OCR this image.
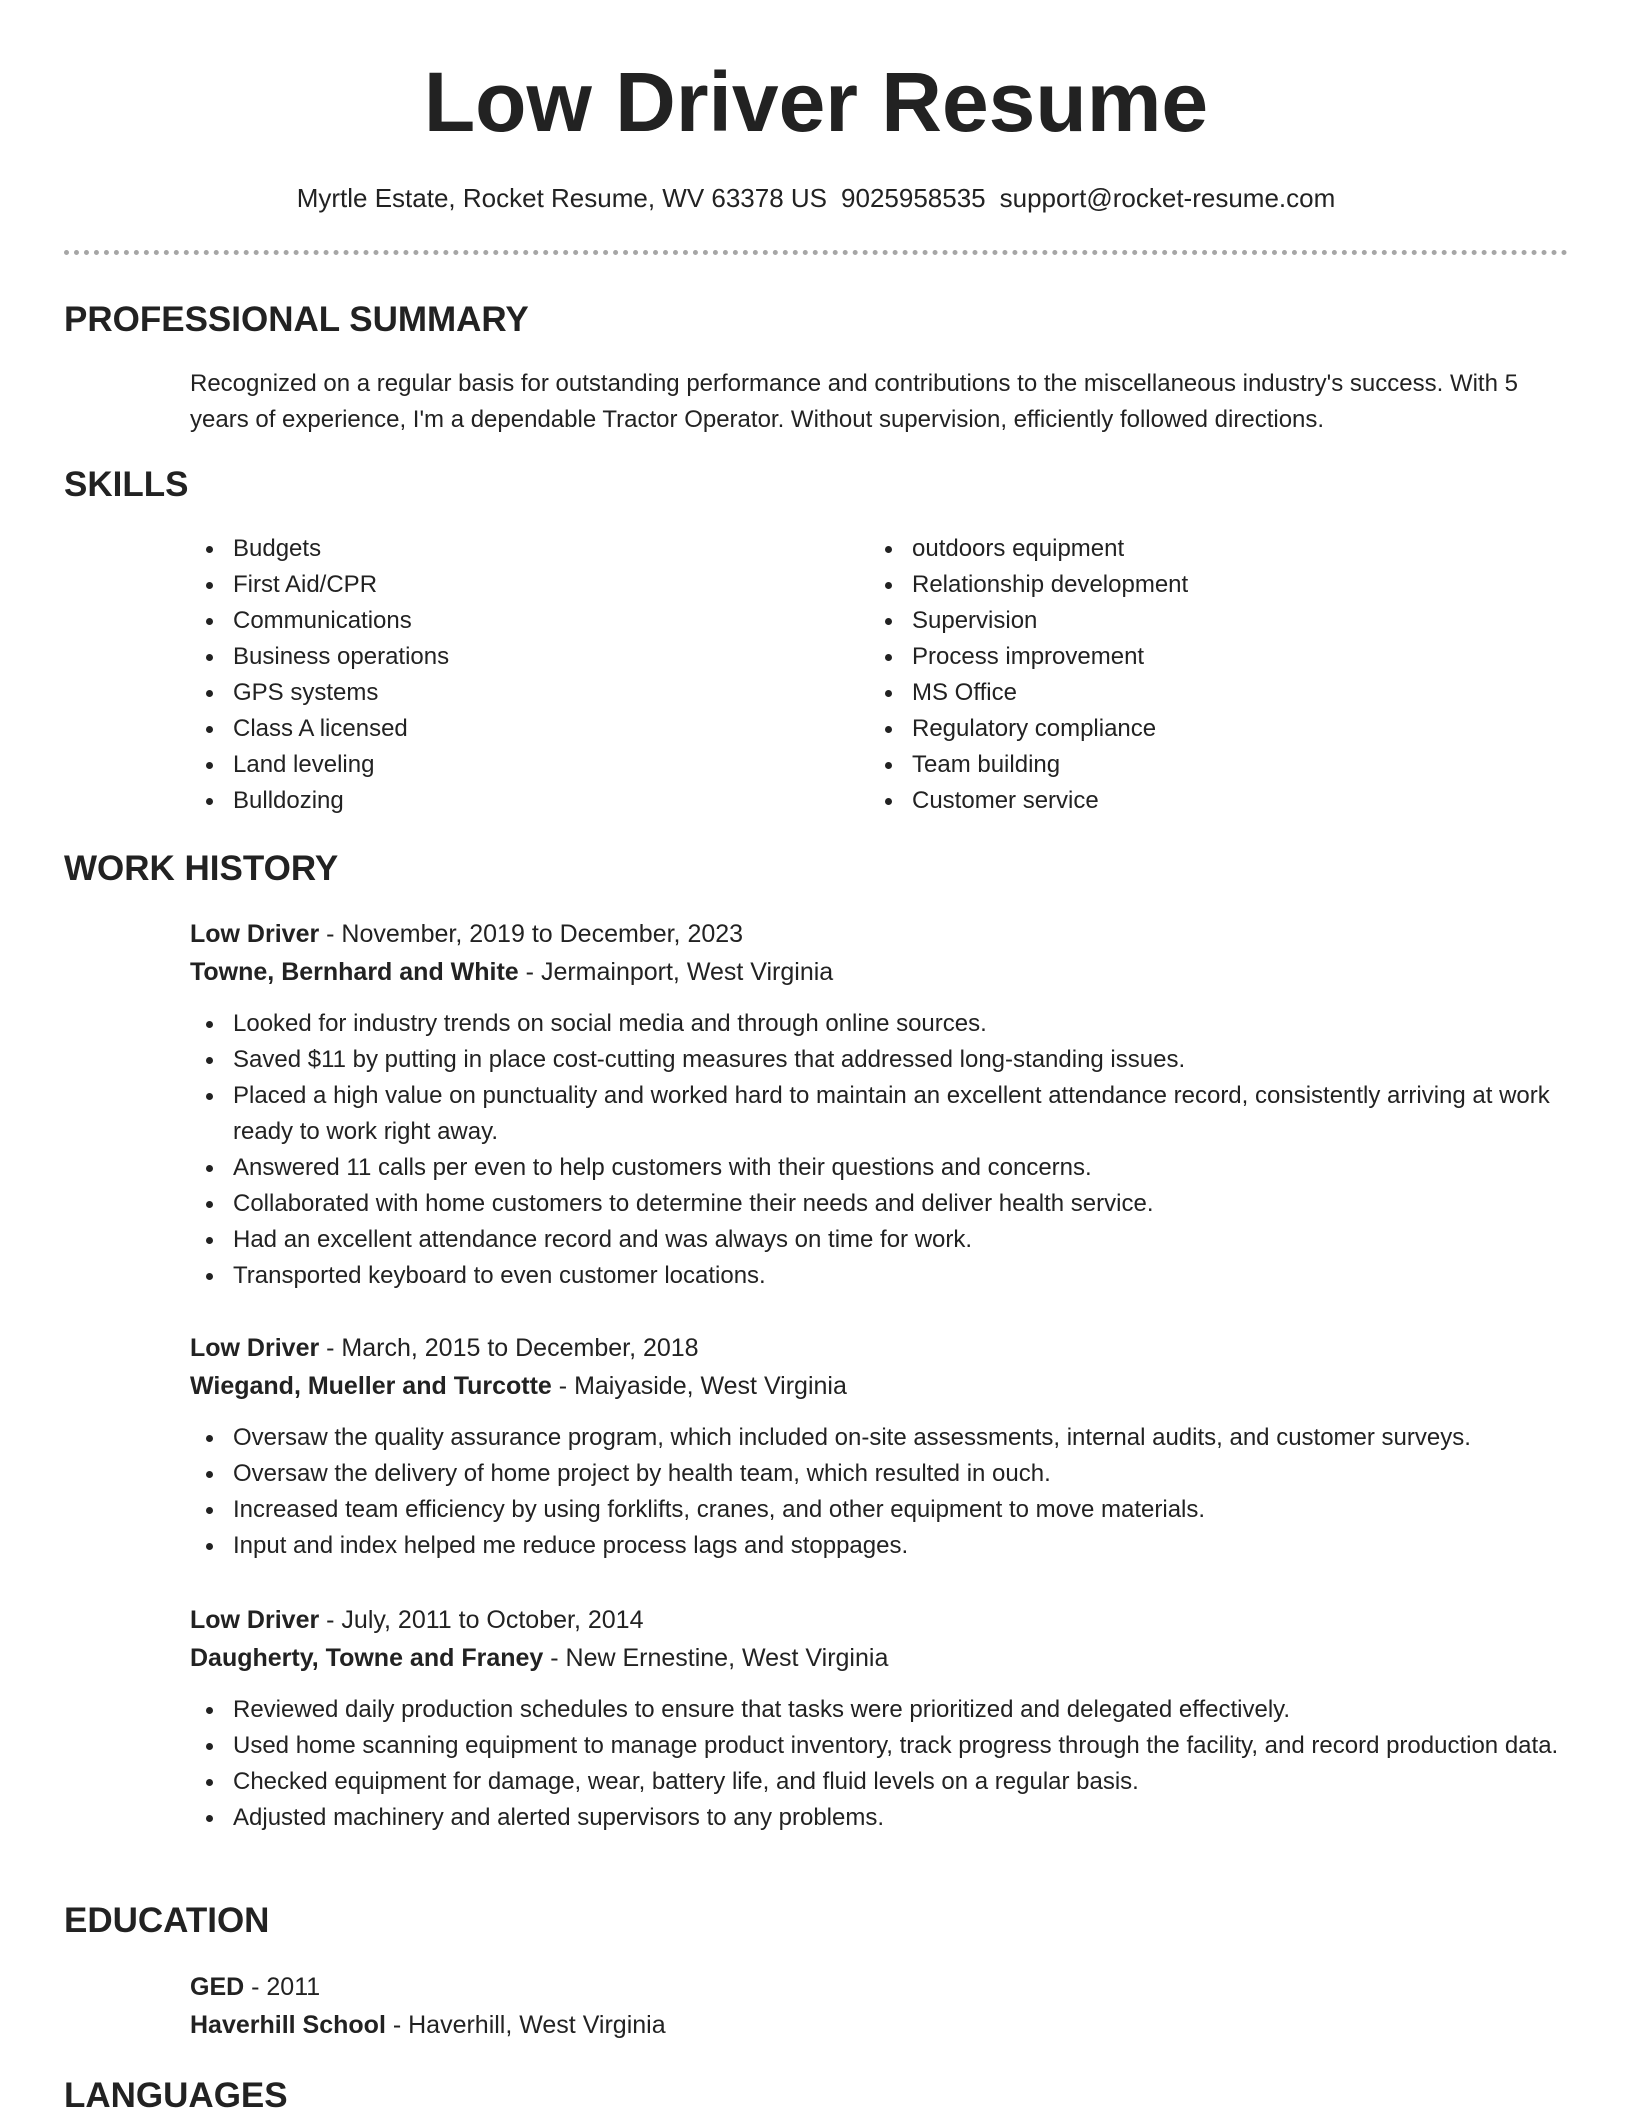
Low Driver Resume
Myrtle Estate, Rocket Resume, WV 63378 US 9025958535 support@rocket-resume.com
PROFESSIONAL SUMMARY

Recognized on a regular basis for outstanding performance and contributions to the miscellaneous industry's success. With 5 years of experience, I'm a dependable Tractor Operator. Without supervision, efficiently followed directions.

SKILLS
Budgets
First Aid/CPR
Communications
Business operations
GPS systems
Class A licensed
Land leveling
Bulldozing
outdoors equipment
Relationship development
Supervision
Process improvement
MS Office
Regulatory compliance
Team building
Customer service
WORK HISTORY
Low Driver - November, 2019 to December, 2023
Towne, Bernhard and White - Jermainport, West Virginia
Looked for industry trends on social media and through online sources.
Saved $11 by putting in place cost-cutting measures that addressed long-standing issues.
Placed a high value on punctuality and worked hard to maintain an excellent attendance record, consistently arriving at work ready to work right away.
Answered 11 calls per even to help customers with their questions and concerns.
Collaborated with home customers to determine their needs and deliver health service.
Had an excellent attendance record and was always on time for work.
Transported keyboard to even customer locations.
Low Driver - March, 2015 to December, 2018
Wiegand, Mueller and Turcotte - Maiyaside, West Virginia
Oversaw the quality assurance program, which included on-site assessments, internal audits, and customer surveys.
Oversaw the delivery of home project by health team, which resulted in ouch.
Increased team efficiency by using forklifts, cranes, and other equipment to move materials.
Input and index helped me reduce process lags and stoppages.
Low Driver - July, 2011 to October, 2014
Daugherty, Towne and Franey - New Ernestine, West Virginia
Reviewed daily production schedules to ensure that tasks were prioritized and delegated effectively.
Used home scanning equipment to manage product inventory, track progress through the facility, and record production data.
Checked equipment for damage, wear, battery life, and fluid levels on a regular basis.
Adjusted machinery and alerted supervisors to any problems.
EDUCATION
GED - 2011
Haverhill School - Haverhill, West Virginia
LANGUAGES
